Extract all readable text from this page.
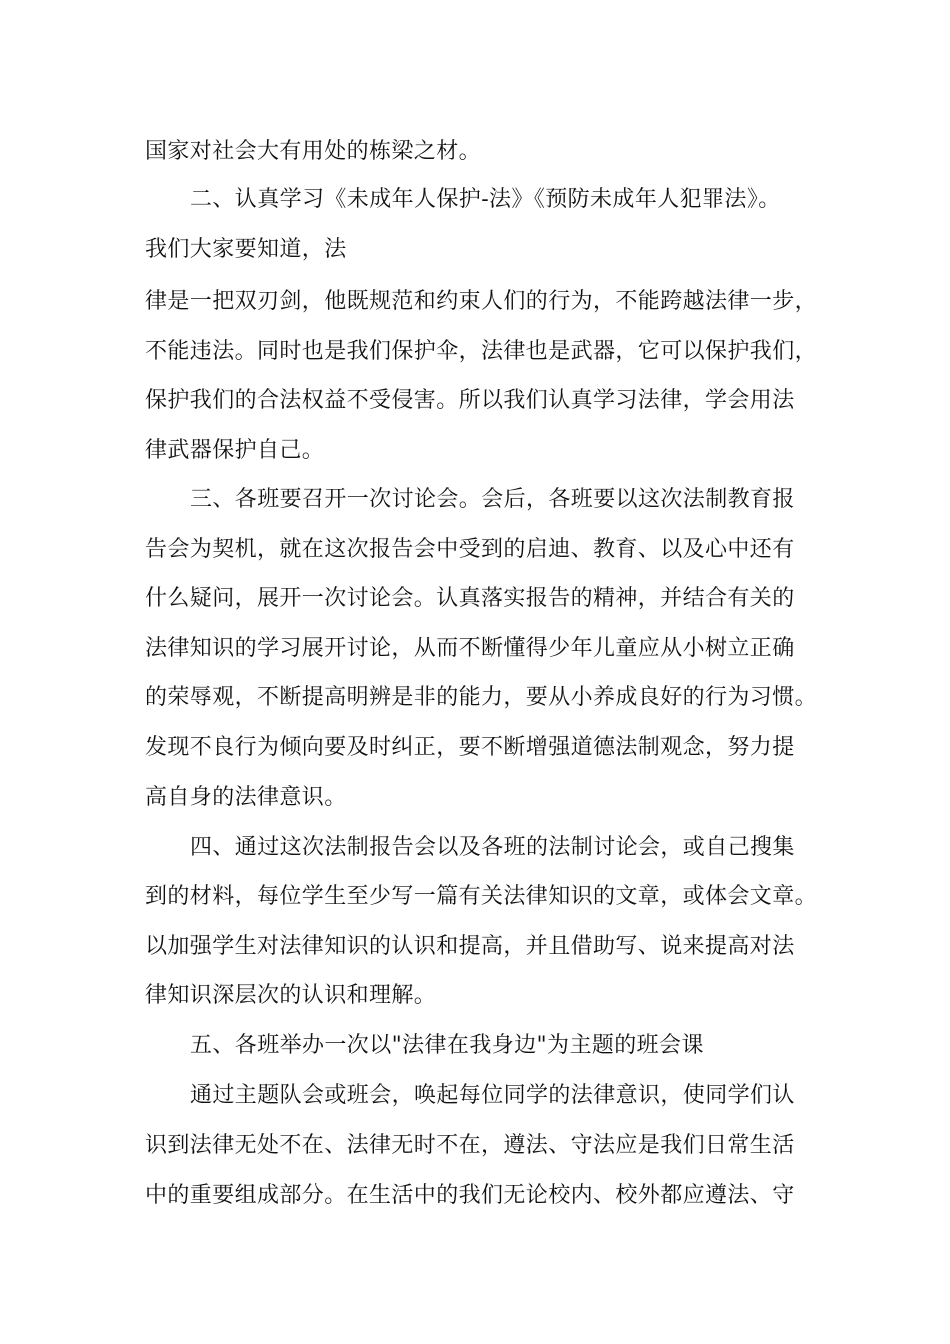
国家对社会大有用处的栋梁之材。

二、认真学习《未成年人保护-法》《预防未成年人犯罪法》。

我们大家要知道，法

律是一把双刃剑，他既规范和约束人们的行为，不能跨越法律一步，

不能违法。同时也是我们保护伞，法律也是武器，它可以保护我们，

保护我们的合法权益不受侵害。所以我们认真学习法律，学会用法

律武器保护自己。

三、各班要召开一次讨论会。会后，各班要以这次法制教育报

告会为契机，就在这次报告会中受到的启迪、教育、以及心中还有

什么疑问，展开一次讨论会。认真落实报告的精神，并结合有关的

法律知识的学习展开讨论，从而不断懂得少年儿童应从小树立正确

的荣辱观，不断提高明辨是非的能力，要从小养成良好的行为习惯。

发现不良行为倾向要及时纠正，要不断增强道德法制观念，努力提

高自身的法律意识。

四、通过这次法制报告会以及各班的法制讨论会，或自己搜集

到的材料，每位学生至少写一篇有关法律知识的文章，或体会文章。

以加强学生对法律知识的认识和提高，并且借助写、说来提高对法

律知识深层次的认识和理解。

五、各班举办一次以"法律在我身边"为主题的班会课

通过主题队会或班会，唤起每位同学的法律意识，使同学们认

识到法律无处不在、法律无时不在，遵法、守法应是我们日常生活

中的重要组成部分。在生活中的我们无论校内、校外都应遵法、守
